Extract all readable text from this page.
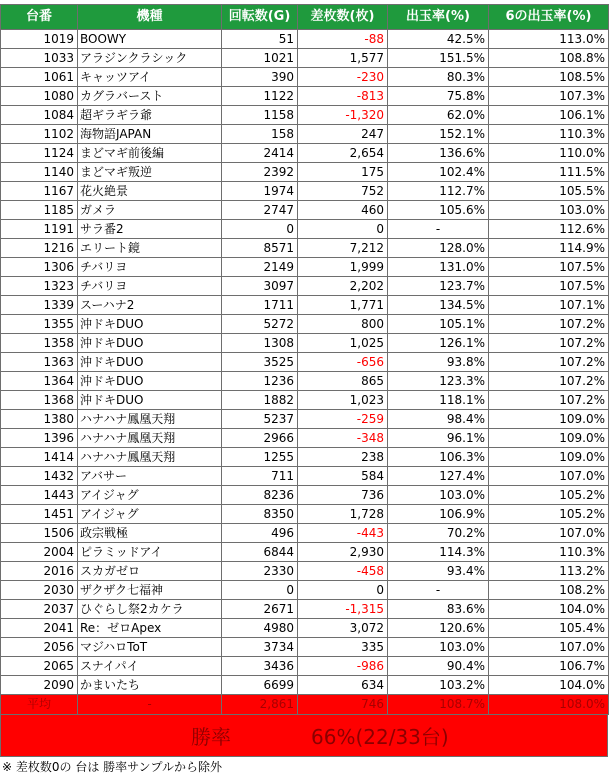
台番	機種	回転数(G)	差枚数(枚)	出玉率(%)	6の出玉率(%)
1019	BOOWY	51	-88	42.5%	113.0%
1033	アラジンクラシック	1021	1,577	151.5%	108.8%
1061	キャッツアイ	390	-230	80.3%	108.5%
1080	カグラバースト	1122	-813	75.8%	107.3%
1084	超ギラギラ爺	1158	-1,320	62.0%	106.1%
1102	海物語JAPAN	158	247	152.1%	110.3%
1124	まどマギ前後編	2414	2,654	136.6%	110.0%
1140	まどマギ叛逆	2392	175	102.4%	111.5%
1167	花火絶景	1974	752	112.7%	105.5%
1185	ガメラ	2747	460	105.6%	103.0%
1191	サラ番2	0	0	-	112.6%
1216	エリート鏡	8571	7,212	128.0%	114.9%
1306	チバリヨ	2149	1,999	131.0%	107.5%
1323	チバリヨ	3097	2,202	123.7%	107.5%
1339	スーハナ2	1711	1,771	134.5%	107.1%
1355	沖ドキDUO	5272	800	105.1%	107.2%
1358	沖ドキDUO	1308	1,025	126.1%	107.2%
1363	沖ドキDUO	3525	-656	93.8%	107.2%
1364	沖ドキDUO	1236	865	123.3%	107.2%
1368	沖ドキDUO	1882	1,023	118.1%	107.2%
1380	ハナハナ鳳凰天翔	5237	-259	98.4%	109.0%
1396	ハナハナ鳳凰天翔	2966	-348	96.1%	109.0%
1414	ハナハナ鳳凰天翔	1255	238	106.3%	109.0%
1432	アバサー	711	584	127.4%	107.0%
1443	アイジャグ	8236	736	103.0%	105.2%
1451	アイジャグ	8350	1,728	106.9%	105.2%
1506	政宗戦極	496	-443	70.2%	107.0%
2004	ピラミッドアイ	6844	2,930	114.3%	110.3%
2016	スカガゼロ	2330	-458	93.4%	113.2%
2030	ザクザク七福神	0	0	-	108.2%
2037	ひぐらし祭2カケラ	2671	-1,315	83.6%	104.0%
2041	Re：ゼロApex	4980	3,072	120.6%	105.4%
2056	マジハロToT	3734	335	103.0%	107.0%
2065	スナイパイ	3436	-986	90.4%	106.7%
2090	かまいたち	6699	634	103.2%	104.0%
平均	-	2,861	746	108.7%	108.0%
勝率	66%(22/33台)
※ 差枚数0の 台は 勝率サンプルから除外
